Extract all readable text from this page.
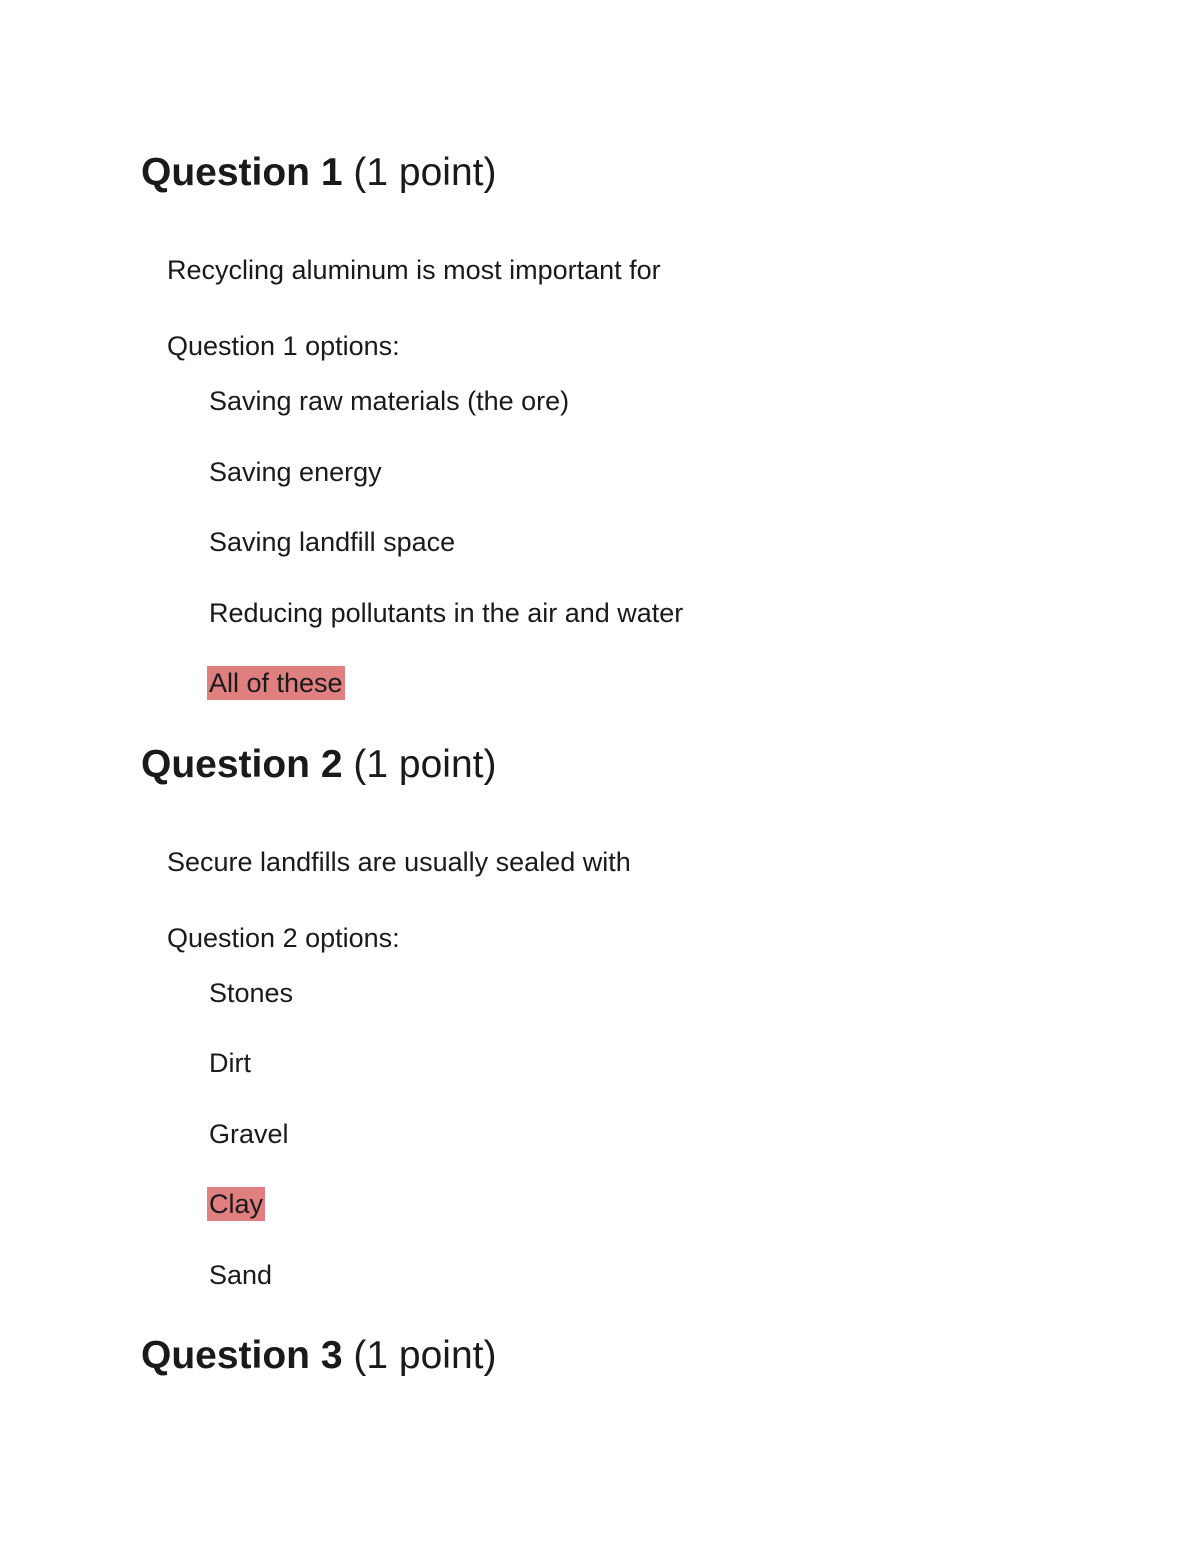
Question 1 (1 point)
Recycling aluminum is most important for
Question 1 options:
Saving raw materials (the ore)
Saving energy
Saving landfill space
Reducing pollutants in the air and water
All of these
Question 2 (1 point)
Secure landfills are usually sealed with
Question 2 options:
Stones
Dirt
Gravel
Clay
Sand
Question 3 (1 point)
